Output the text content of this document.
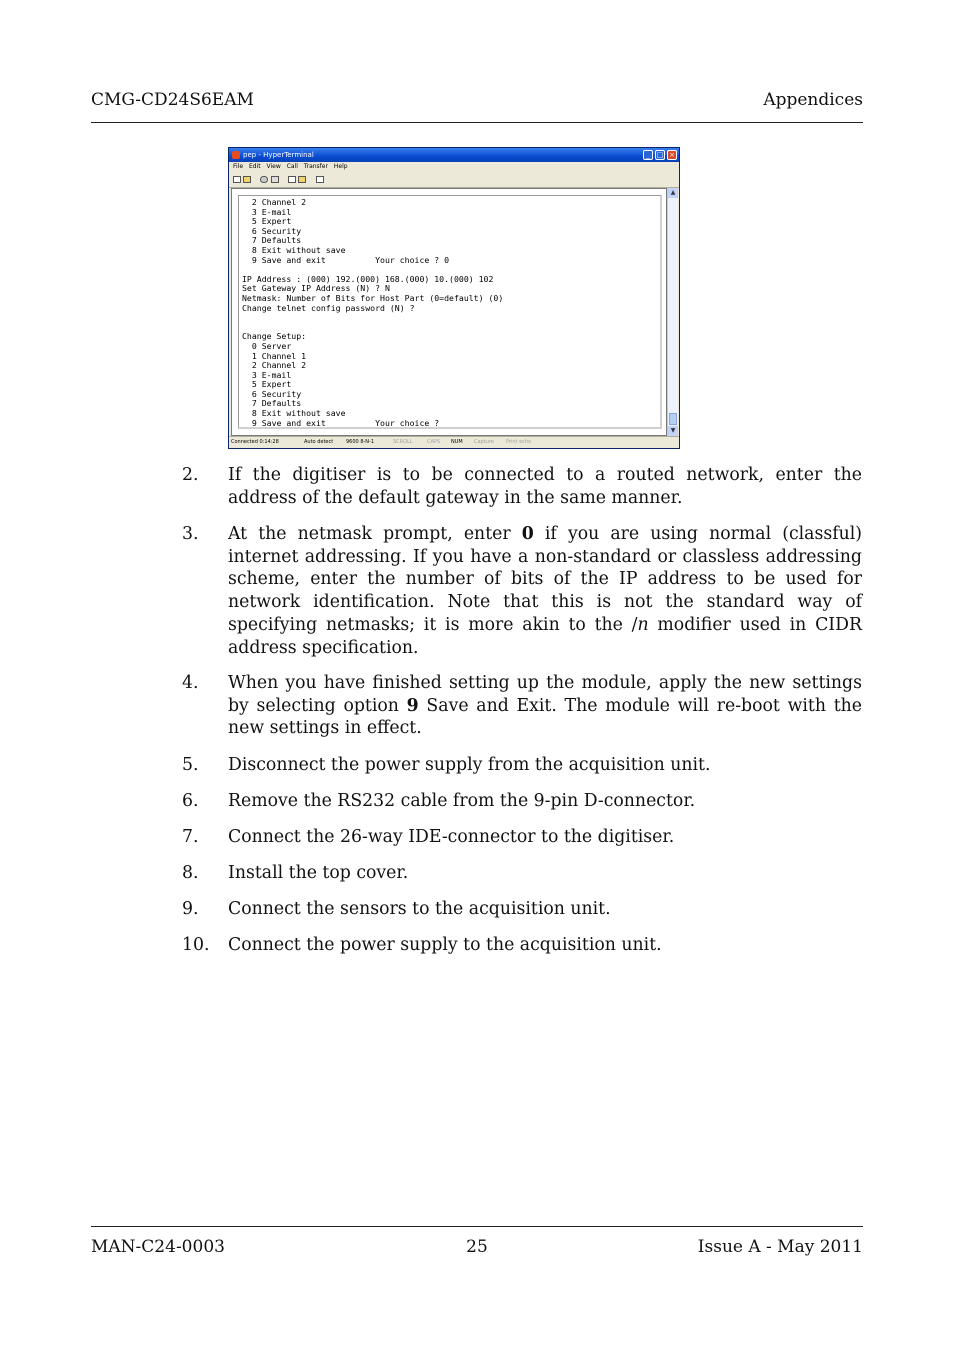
CMG-CD24S6EAM	Appendices
pep - HyperTerminal	_ □ ×
File Edit View Call Transfer Help
2 Channel 2
3 E-mail
5 Expert
6 Security
7 Defaults
8 Exit without save
9 Save and exit          Your choice ? 0

IP Address : (000) 192.(000) 168.(000) 10.(000) 102
Set Gateway IP Address (N) ? N
Netmask: Number of Bits for Host Part (0=default) (0)
Change telnet config password (N) ?

Change Setup:
0 Server
1 Channel 1
2 Channel 2
3 E-mail
5 Expert
6 Security
7 Defaults
8 Exit without save
9 Save and exit          Your choice ?
▲
▼
Connected 0:14:28	Auto detect	9600 8-N-1	SCROLL	CAPS NUM Capture Print echo
2.	If the digitiser is to be connected to a routed network, enter the address of the default gateway in the same manner.
3.	At the netmask prompt, enter 0 if you are using normal (classful) internet addressing. If you have a non-standard or classless addressing scheme, enter the number of bits of the IP address to be used for network identification. Note that this is not the standard way of specifying netmasks; it is more akin to the /n modifier used in CIDR address specification.
4.	When you have finished setting up the module, apply the new settings by selecting option 9 Save and Exit. The module will re-boot with the new settings in effect.
5.	Disconnect the power supply from the acquisition unit.
6.	Remove the RS232 cable from the 9-pin D-connector.
7.	Connect the 26-way IDE-connector to the digitiser.
8.	Install the top cover.
9.	Connect the sensors to the acquisition unit.
10.	Connect the power supply to the acquisition unit.
MAN-C24-0003	25	Issue A - May 2011
